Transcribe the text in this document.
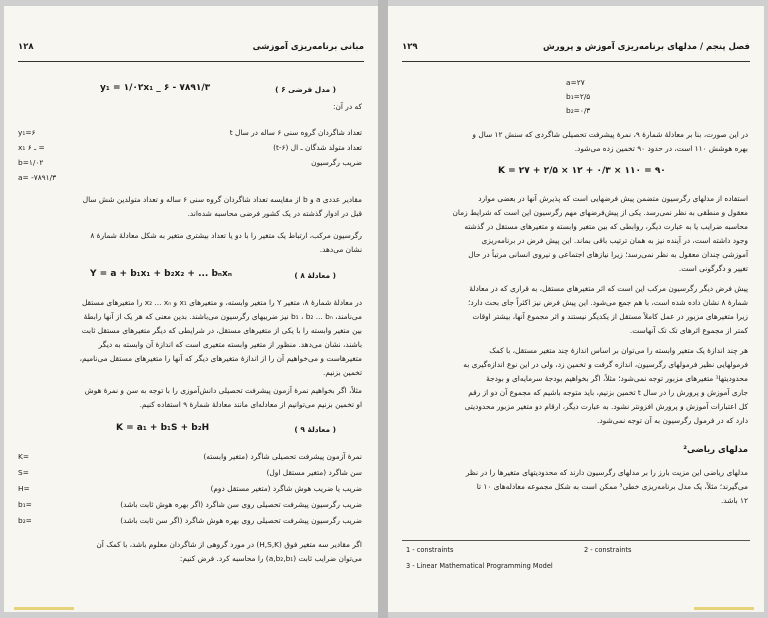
مبانی برنامه‌ریزی آموزشی
۱۲۸
y₁ = ۱/۰۲x₁ _ ۶ - ۷۸۹۱/۳	( مدل فرضی ۶ )
که در آن:
y₁=۶	تعداد شاگردان گروه سنی ۶ ساله در سال t
x₁ ـ ۶ =	تعداد متولد شدگان ـ ال (t-۶)
b=۱/۰۲	ضریب رگرسیون
a= -۷۸۹۱/۳
مقادیر عددی a و b از مقایسه تعداد شاگردان گروه سنی ۶ ساله و تعداد متولدین شش سال
قبل در ادوار گذشته در یک کشور فرضی محاسبه شده‌اند.
رگرسیون مرکب، ارتباط یک متغیر را با دو یا تعداد بیشتری متغیر به شکل معادلهٔ شمارهٔ ۸
نشان می‌دهد.
Y = a + b₁x₁ + b₂x₂ + ... bₙxₙ	( معادلهٔ ۸ )
در معادلهٔ شمارهٔ ۸، متغیر Y را متغیر وابسته، و متغیرهای x₁ و x₂ ... xₙ را متغیرهای مستقل
می‌نامند، b₁ ، b₂ ... bₙ نیز ضریبهای رگرسیون می‌باشند. بدین معنی که هر یک از آنها رابطهٔ
بین متغیر وابسته را با یکی از متغیرهای مستقل، در شرایطی که دیگر متغیرهای مستقل ثابت
باشند، نشان می‌دهد. منظور از متغیر وابسته متغیری است که اندازهٔ آن وابسته به دیگر
متغیرهاست و می‌خواهیم آن را از اندازهٔ متغیرهای دیگر که آنها را متغیرهای مستقل می‌نامیم،
تخمین بزنیم.
مثلاً، اگر بخواهیم نمرهٔ آزمون پیشرفت تحصیلی دانش‌آموزی را با توجه به سن و نمرهٔ هوش
او تخمین بزنیم می‌توانیم از معادله‌ای مانند معادلهٔ شمارهٔ ۹ استفاده کنیم.
K = a₁ + b₁S + b₂H	( معادلهٔ ۹ )
K=	نمرهٔ آزمون پیشرفت تحصیلی شاگرد (متغیر وابسته)
S=	سن شاگرد (متغیر مستقل اول)
H=	ضریب یا ضریب هوش شاگرد (متغیر مستقل دوم)
b₁=	ضریب رگرسیون پیشرفت تحصیلی روی سن شاگرد (اگر بهره هوش ثابت باشد)
b₂=	ضریب رگرسیون پیشرفت تحصیلی روی بهره هوش شاگرد (اگر سن ثابت باشد)
اگر مقادیر سه متغیر فوق (H,S,K) در مورد گروهی از شاگردان معلوم باشد، با کمک آن
می‌توان ضرایب ثابت (a,b₂,b₁) را محاسبه کرد. فرض کنیم:
فصل پنجم / مدلهای برنامه‌ریزی آموزش و پرورش
۱۲۹
a=۲۷
b₁=۲/۵
b₂=۰/۳
در این صورت، بنا بر معادلهٔ شمارهٔ ۹، نمرهٔ پیشرفت تحصیلی شاگردی که سنش ۱۲ سال و
بهره هوشش ۱۱۰ است، در حدود ۹۰ تخمین زده می‌شود.
K = ۲۷ + ۲/۵ × ۱۲ + ۰/۳ × ۱۱۰ = ۹۰
استفاده از مدلهای رگرسیون متضمن پیش فرضهایی است که پذیرش آنها در بعضی موارد
معقول و منطقی به نظر نمی‌رسد. یکی از پیش‌فرضهای مهم رگرسیون این است که شرایط زمان
محاسبه ضرایب یا به عبارت دیگر، روابطی که بین متغیر وابسته و متغیرهای مستقل در گذشته
وجود داشته است، در آینده نیز به همان ترتیب باقی بماند. این پیش فرض در برنامه‌ریزی
آموزشی چندان معقول به نظر نمی‌رسد؛ زیرا نیازهای اجتماعی و نیروی انسانی مرتباً در حال
تغییر و دگرگونی است.
پیش فرض دیگر رگرسیون مرکب این است که اثر متغیرهای مستقل، به قراری که در معادلهٔ
شمارهٔ ۸ نشان داده شده است، با هم جمع می‌شود. این پیش فرض نیز اکثراً جای بحث دارد؛
زیرا متغیرهای مزبور در عمل کاملاً مستقل از یکدیگر نیستند و اثر مجموع آنها، بیشتر اوقات
کمتر از مجموع اثرهای تک تک آنهاست.
هر چند اندازهٔ یک متغیر وابسته را می‌توان بر اساس اندازهٔ چند متغیر مستقل، با کمک
فرمولهایی نظیر فرمولهای رگرسیون، اندازه گرفت و تخمین زد، ولی در این نوع اندازه‌گیری به
محدودیتها¹ متغیرهای مزبور توجه نمی‌شود؛ مثلاً، اگر بخواهیم بودجهٔ سرمایه‌ای و بودجهٔ
جاری آموزش و پرورش را در سال t تخمین بزنیم، باید متوجه باشیم که مجموع آن دو از رقم
کل اعتبارات آموزش و پرورش افزونتر نشود. به عبارت دیگر، ارقام دو متغیر مزبور محدودیتی
دارد که در فرمول رگرسیون به آن توجه نمی‌شود.
مدلهای ریاضی²
مدلهای ریاضی این مزیت بارز را بر مدلهای رگرسیون دارند که محدودیتهای متغیرها را در نظر
می‌گیرند؛ مثلاً، یک مدل برنامه‌ریزی خطی³ ممکن است به شکل مجموعه معادله‌های ۱۰ تا
۱۲ باشد.
1 - constraints	2 - constraints
3 - Linear Mathematical Programming Model
